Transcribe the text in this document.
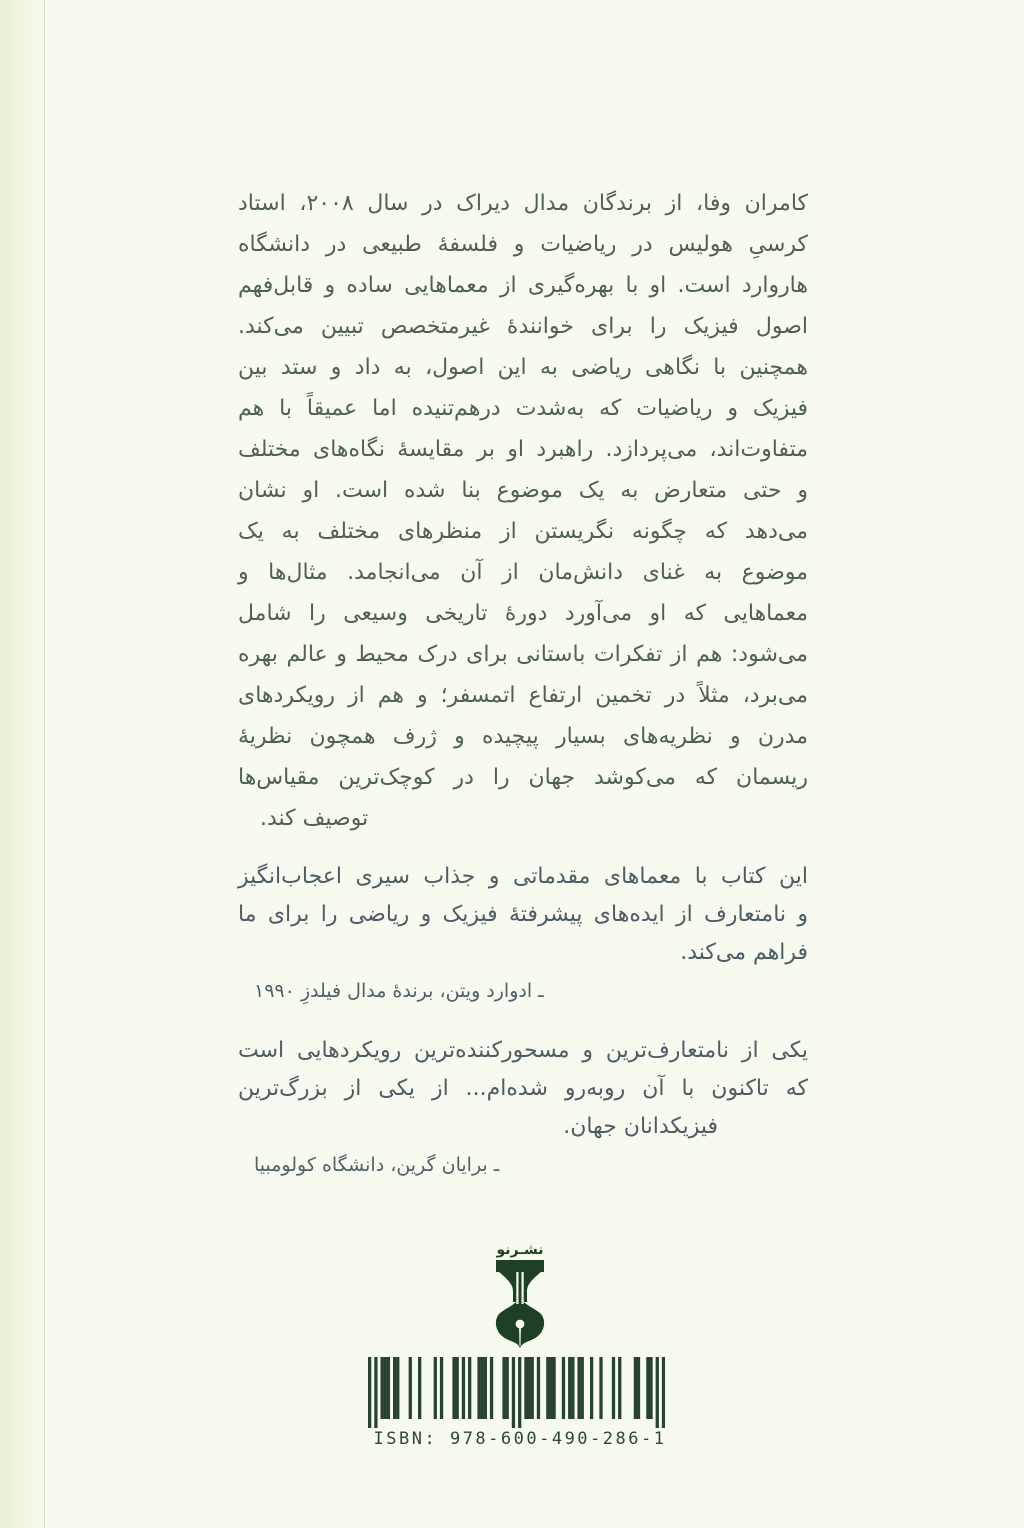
کامران وفا، از برندگان مدال دیراک در سال ۲۰۰۸، استاد
کرسیِ هولیس در ریاضیات و فلسفهٔ طبیعی در دانشگاه
هاروارد است. او با بهره‌گیری از معماهایی ساده و قابل‌فهم
اصول فیزیک را برای خوانندهٔ غیرمتخصص تبیین می‌کند.
همچنین با نگاهی ریاضی به این اصول، به داد و ستد بین
فیزیک و ریاضیات که به‌شدت درهم‌تنیده اما عمیقاً با هم
متفاوت‌اند، می‌پردازد. راهبرد او بر مقایسهٔ نگاه‌های مختلف
و حتی متعارض به یک موضوع بنا شده است. او نشان
می‌دهد که چگونه نگریستن از منظرهای مختلف به یک
موضوع به غنای دانش‌مان از آن می‌انجامد. مثال‌ها و
معماهایی که او می‌آورد دورهٔ تاریخی وسیعی را شامل
می‌شود: هم از تفکرات باستانی برای درک محیط و عالم بهره
می‌برد، مثلاً در تخمین ارتفاع اتمسفر؛ و هم از رویکردهای
مدرن و نظریه‌های بسیار پیچیده و ژرف همچون نظریهٔ
ریسمان که می‌کوشد جهان را در کوچک‌ترین مقیاس‌ها
توصیف کند.
این کتاب با معماهای مقدماتی و جذاب سیری اعجاب‌انگیز
و نامتعارف از ایده‌های پیشرفتهٔ فیزیک و ریاضی را برای ما
فراهم می‌کند.
ـ ادوارد ویتن، برندهٔ مدال فیلدزِ ۱۹۹۰
یکی از نامتعارف‌ترین و مسحورکننده‌ترین رویکردهایی است
که تاکنون با آن روبه‌رو شده‌ام... از یکی از بزرگ‌ترین
فیزیکدانان جهان.
ـ برایان گرین، دانشگاه کولومبیا
نشـرنو
ISBN: 978-600-490-286-1
